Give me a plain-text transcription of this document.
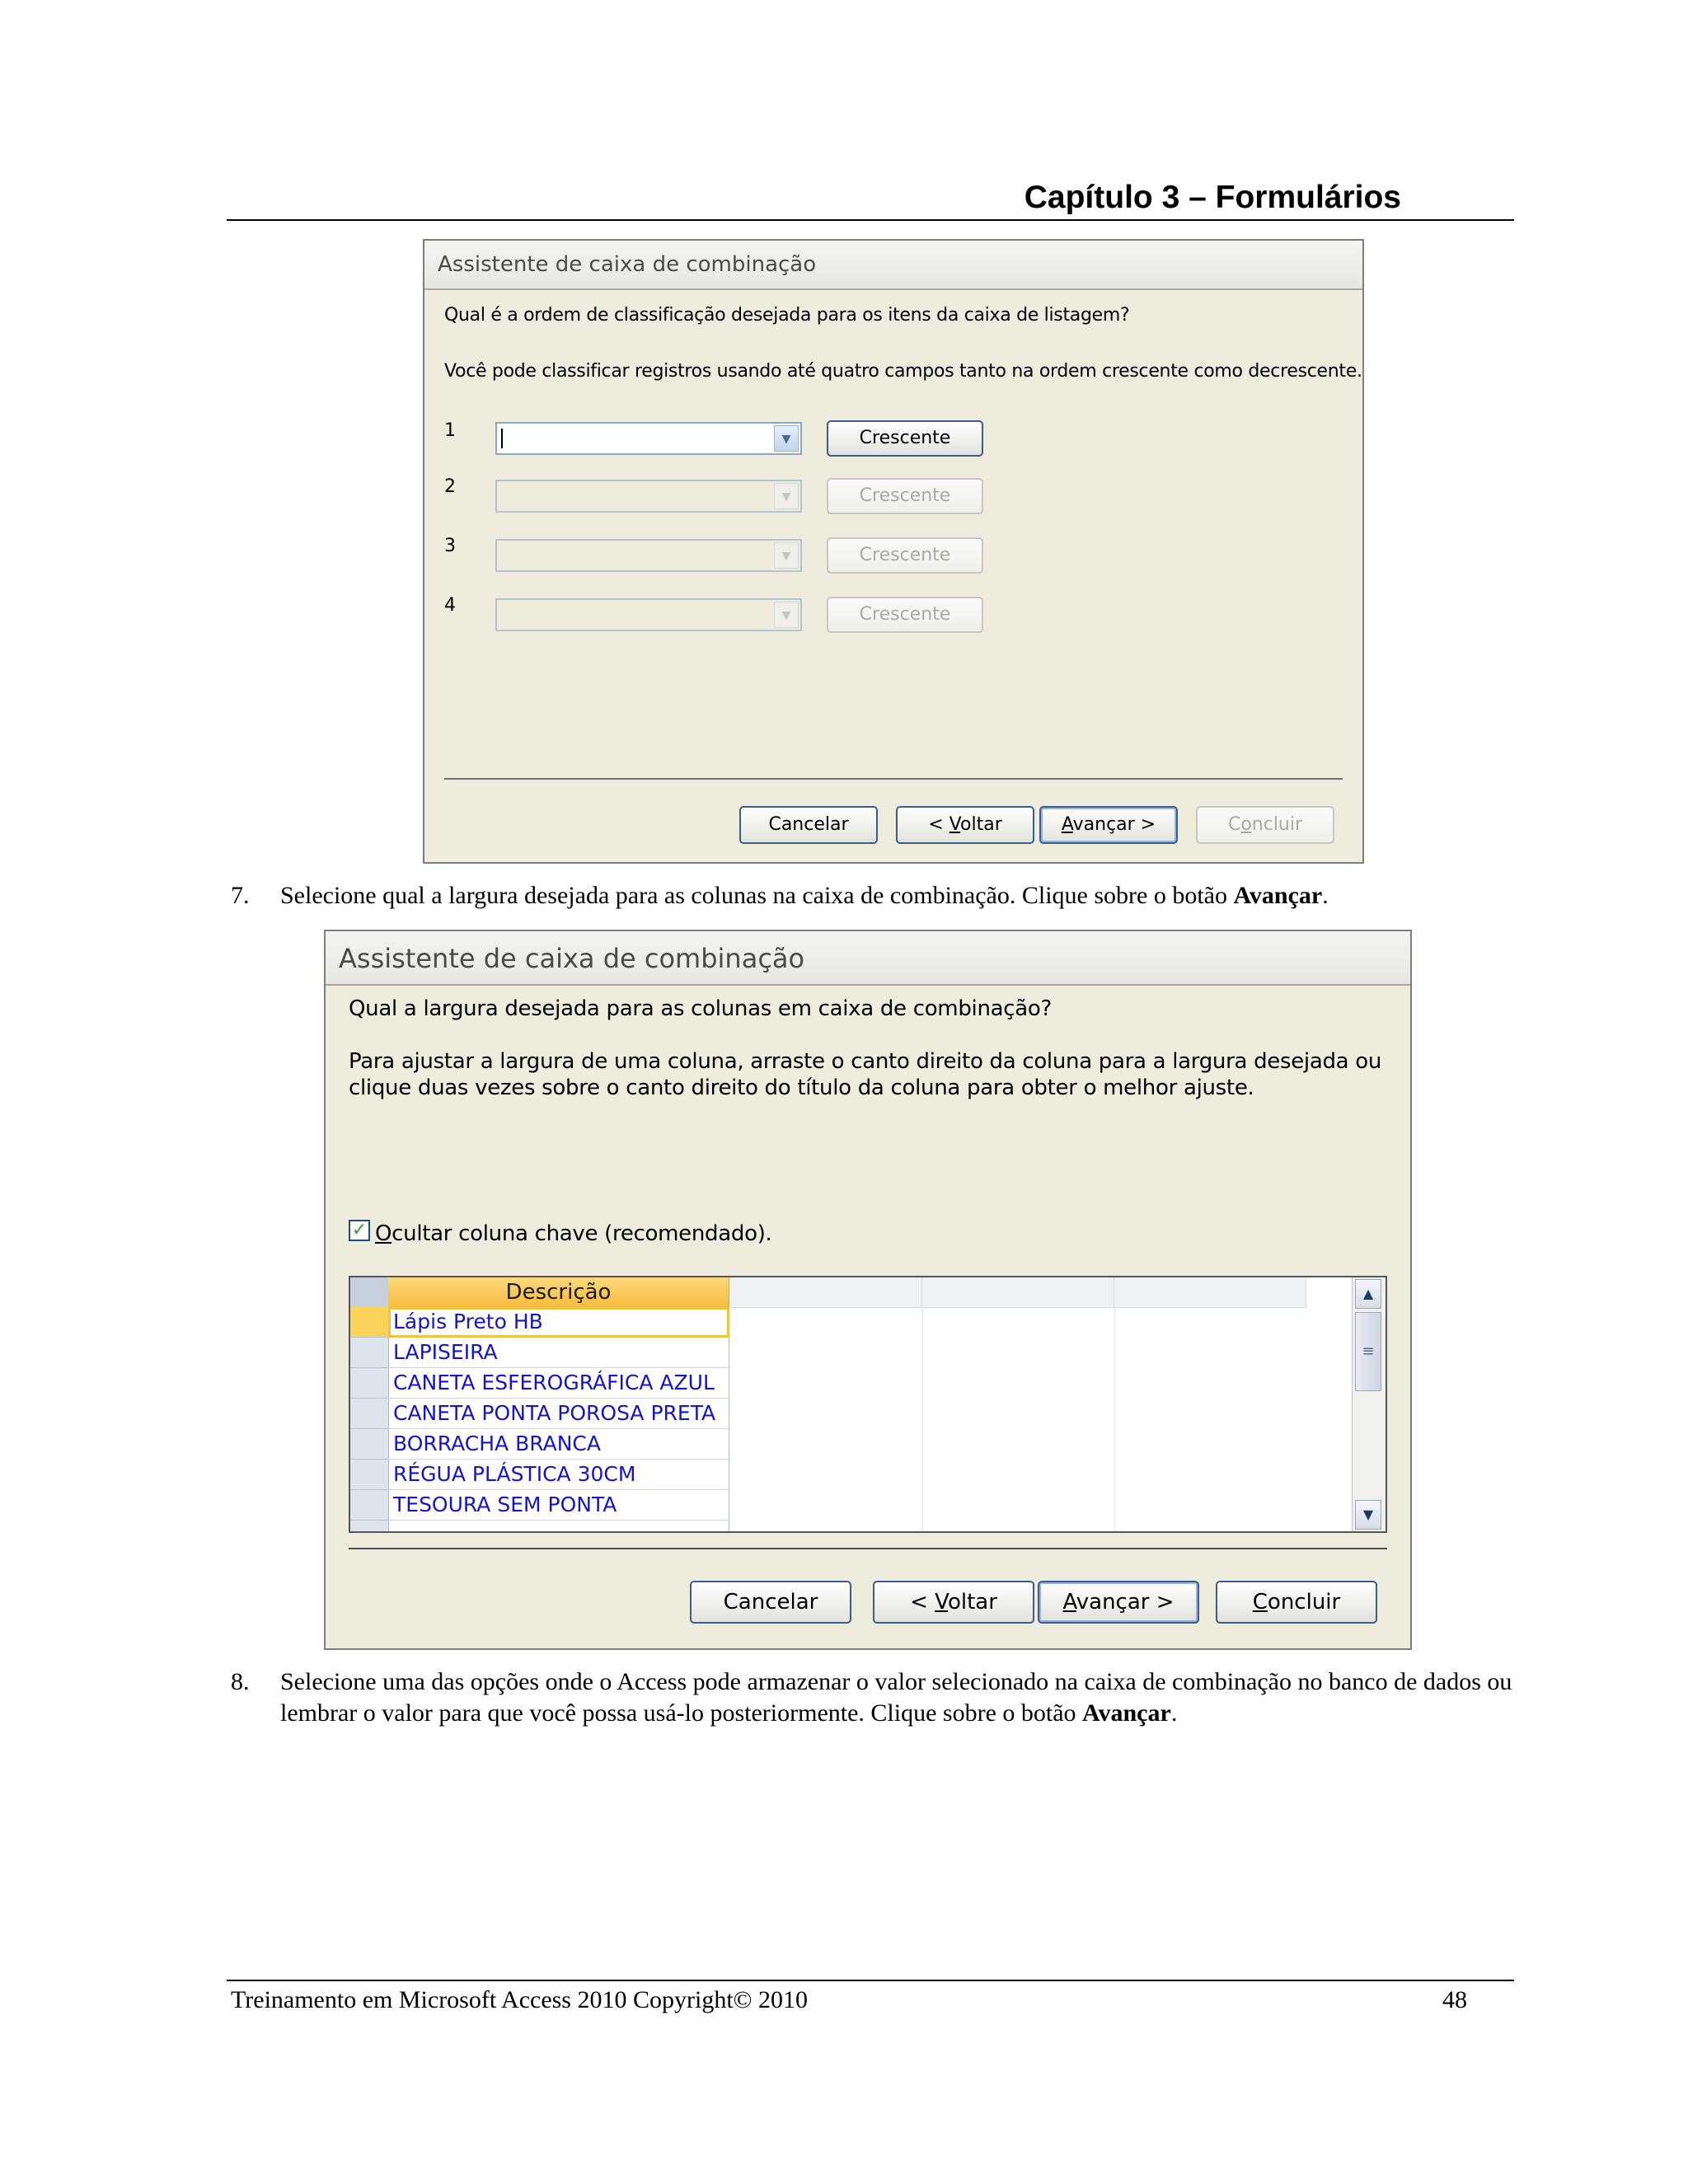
Capítulo 3 – Formulários
Assistente de caixa de combinação
Qual é a ordem de classificação desejada para os itens da caixa de listagem?
Você pode classificar registros usando até quatro campos tanto na ordem crescente como decrescente.
1	▼	Crescente
2	▼	Crescente
3	▼	Crescente
4	▼	Crescente
Cancelar	< Voltar	Avançar >	Concluir
7. Selecione qual a largura desejada para as colunas na caixa de combinação. Clique sobre o botão Avançar.
Assistente de caixa de combinação
Qual a largura desejada para as colunas em caixa de combinação?
Para ajustar a largura de uma coluna, arraste o canto direito da coluna para a largura desejada ou clique duas vezes sobre o canto direito do título da coluna para obter o melhor ajuste.
✓ Ocultar coluna chave (recomendado).
Descrição
Lápis Preto HB
LAPISEIRA
CANETA ESFEROGRÁFICA AZUL
CANETA PONTA POROSA PRETA
BORRACHA BRANCA
RÉGUA PLÁSTICA 30CM
TESOURA SEM PONTA
▲
≡
▼
Cancelar	< Voltar	Avançar >	Concluir
8. Selecione uma das opções onde o Access pode armazenar o valor selecionado na caixa de combinação no banco de dados ou lembrar o valor para que você possa usá-lo posteriormente. Clique sobre o botão Avançar.
Treinamento em Microsoft Access 2010 Copyright© 2010	48
